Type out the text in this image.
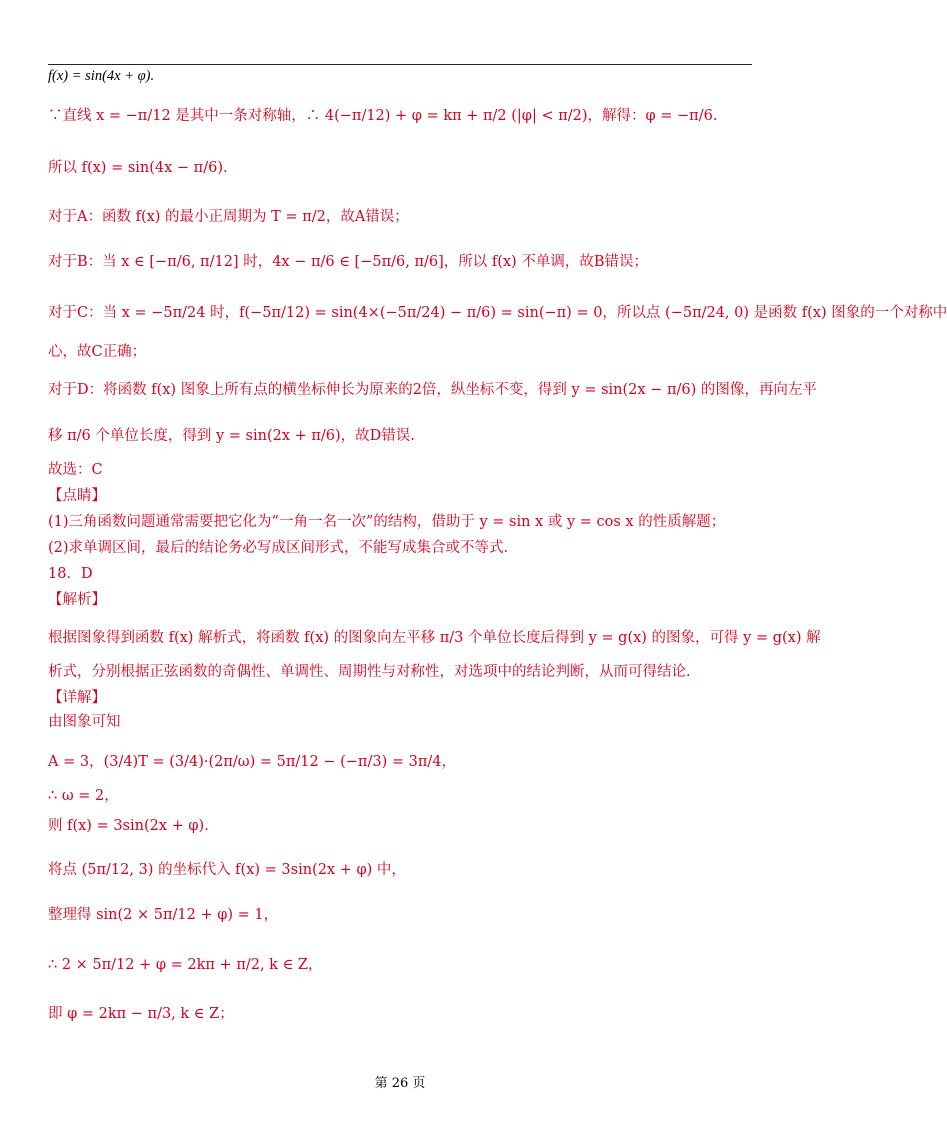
f(x) = sin(4x + φ).
∵直线 x = −π/12 是其中一条对称轴，∴ 4(−π/12) + φ = kπ + π/2 (|φ| < π/2)，解得：φ = −π/6.
所以 f(x) = sin(4x − π/6).
对于A：函数 f(x) 的最小正周期为 T = π/2，故A错误；
对于B：当 x ∈ [−π/6, π/12] 时，4x − π/6 ∈ [−5π/6, π/6]，所以 f(x) 不单调，故B错误；
对于C：当 x = −5π/24 时，f(−5π/12) = sin(4×(−5π/24) − π/6) = sin(−π) = 0，所以点 (−5π/24, 0) 是函数 f(x) 图象的一个对称中
心，故C正确；
对于D：将函数 f(x) 图象上所有点的横坐标伸长为原来的2倍，纵坐标不变，得到 y = sin(2x − π/6) 的图像，再向左平
移 π/6 个单位长度，得到 y = sin(2x + π/6)，故D错误.
故选：C
【点睛】
(1)三角函数问题通常需要把它化为“一角一名一次”的结构，借助于 y = sin x 或 y = cos x 的性质解题；
(2)求单调区间，最后的结论务必写成区间形式，不能写成集合或不等式.
18．D
【解析】
根据图象得到函数 f(x) 解析式，将函数 f(x) 的图象向左平移 π/3 个单位长度后得到 y = g(x) 的图象，可得 y = g(x) 解
析式，分别根据正弦函数的奇偶性、单调性、周期性与对称性，对选项中的结论判断，从而可得结论.
【详解】
由图象可知
A = 3，(3/4)T = (3/4)·(2π/ω) = 5π/12 − (−π/3) = 3π/4，
∴ ω = 2，
则 f(x) = 3sin(2x + φ).
将点 (5π/12, 3) 的坐标代入 f(x) = 3sin(2x + φ) 中，
整理得 sin(2 × 5π/12 + φ) = 1，
∴ 2 × 5π/12 + φ = 2kπ + π/2, k ∈ Z，
即 φ = 2kπ − π/3, k ∈ Z；
第 26 页
